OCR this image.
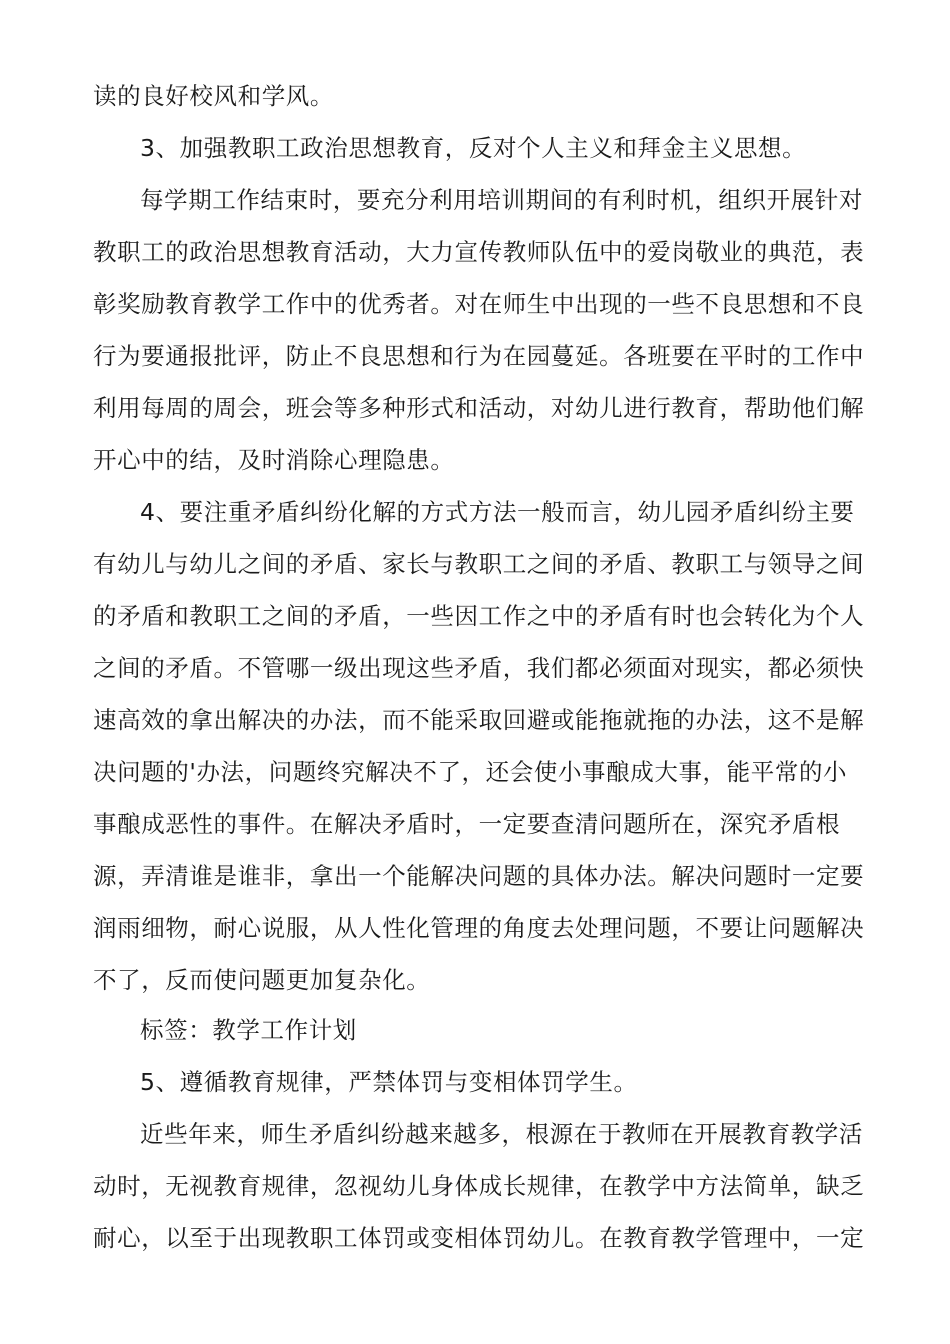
读的良好校风和学风。
3、加强教职工政治思想教育，反对个人主义和拜金主义思想。
每学期工作结束时，要充分利用培训期间的有利时机，组织开展针对
教职工的政治思想教育活动，大力宣传教师队伍中的爱岗敬业的典范，表
彰奖励教育教学工作中的优秀者。对在师生中出现的一些不良思想和不良
行为要通报批评，防止不良思想和行为在园蔓延。各班要在平时的工作中
利用每周的周会，班会等多种形式和活动，对幼儿进行教育，帮助他们解
开心中的结，及时消除心理隐患。
4、要注重矛盾纠纷化解的方式方法一般而言，幼儿园矛盾纠纷主要
有幼儿与幼儿之间的矛盾、家长与教职工之间的矛盾、教职工与领导之间
的矛盾和教职工之间的矛盾，一些因工作之中的矛盾有时也会转化为个人
之间的矛盾。不管哪一级出现这些矛盾，我们都必须面对现实，都必须快
速高效的拿出解决的办法，而不能采取回避或能拖就拖的办法，这不是解
决问题的'办法，问题终究解决不了，还会使小事酿成大事，能平常的小
事酿成恶性的事件。在解决矛盾时，一定要查清问题所在，深究矛盾根
源，弄清谁是谁非，拿出一个能解决问题的具体办法。解决问题时一定要
润雨细物，耐心说服，从人性化管理的角度去处理问题，不要让问题解决
不了，反而使问题更加复杂化。
标签：教学工作计划
5、遵循教育规律，严禁体罚与变相体罚学生。
近些年来，师生矛盾纠纷越来越多，根源在于教师在开展教育教学活
动时，无视教育规律，忽视幼儿身体成长规律，在教学中方法简单，缺乏
耐心，以至于出现教职工体罚或变相体罚幼儿。在教育教学管理中，一定
